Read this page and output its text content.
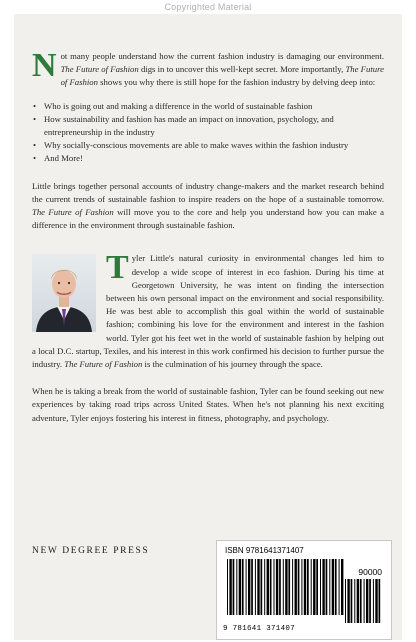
Copyrighted Material

Not many people understand how the current fashion industry is damaging our environment. The Future of Fashion digs in to uncover this well-kept secret. More importantly, The Future of Fashion shows you why there is still hope for the fashion industry by delving deep into:

• Who is going out and making a difference in the world of sustainable fashion
• How sustainability and fashion has made an impact on innovation, psychology, and entrepreneurship in the industry
• Why socially-conscious movements are able to make waves within the fashion industry
• And More!

Little brings together personal accounts of industry change-makers and the market research behind the current trends of sustainable fashion to inspire readers on the hope of a sustainable tomorrow. The Future of Fashion will move you to the core and help you understand how you can make a difference in the environment through sustainable fashion.

Tyler Little's natural curiosity in environmental changes led him to develop a wide scope of interest in eco fashion. During his time at Georgetown University, he was intent on finding the intersection between his own personal impact on the environment and social responsibility. He was best able to accomplish this goal within the world of sustainable fashion; combining his love for the environment and interest in the fashion world. Tyler got his feet wet in the world of sustainable fashion by helping out a local D.C. startup, Texiles, and his interest in this work confirmed his decision to further pursue the industry. The Future of Fashion is the culmination of his journey through the space.

When he is taking a break from the world of sustainable fashion, Tyler can be found seeking out new experiences by taking road trips across United States. When he's not planning his next exciting adventure, Tyler enjoys fostering his interest in fitness, photography, and psychology.

NEW DEGREE PRESS	ISBN 9781641371407
90000
9 781641 371407
